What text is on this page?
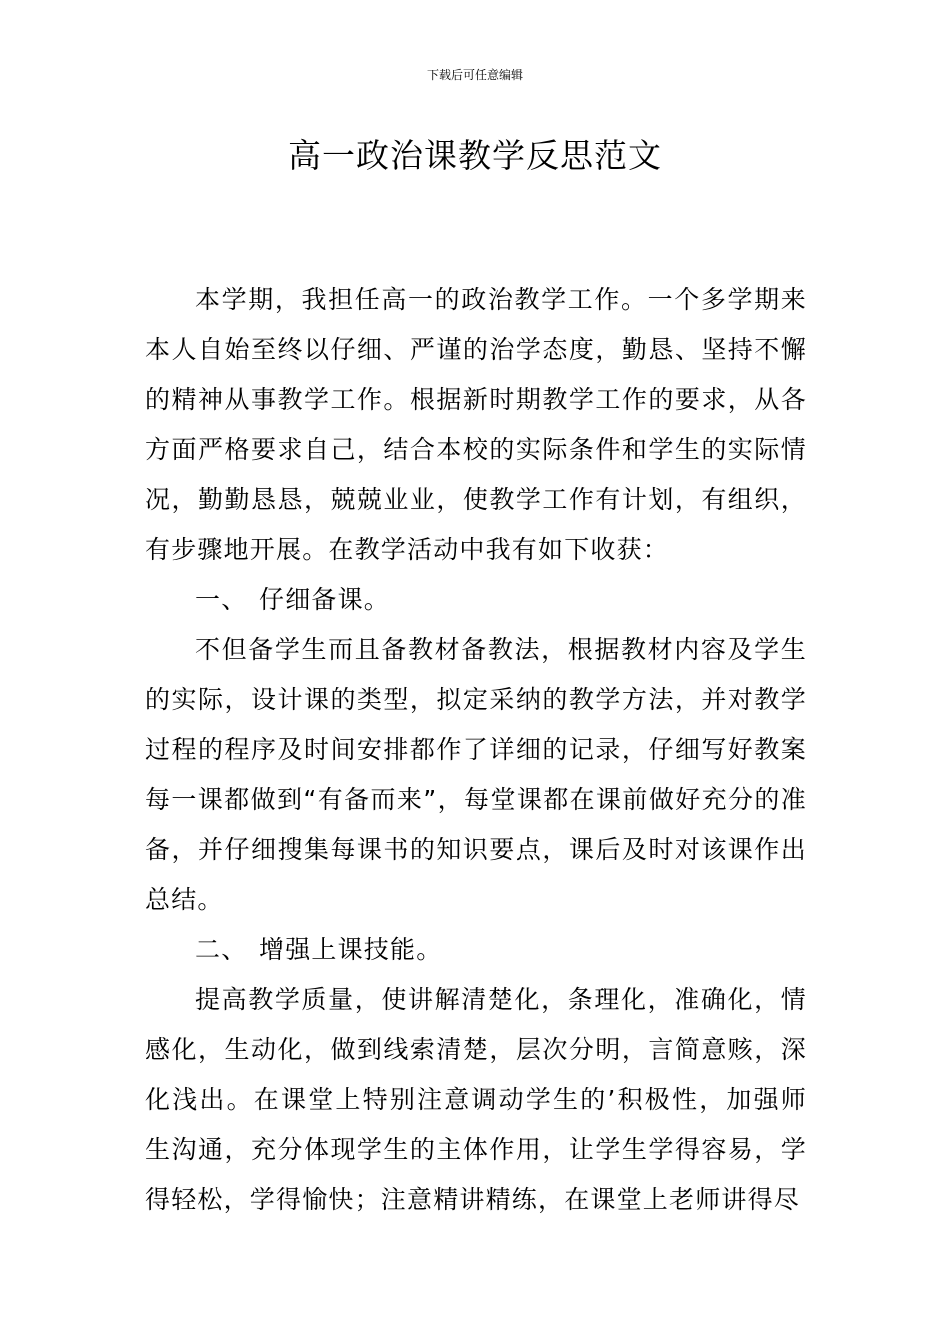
下载后可任意编辑
高一政治课教学反思范文

本学期，我担任高一的政治教学工作。一个多学期来本人自始至终以仔细、严谨的治学态度，勤恳、坚持不懈的精神从事教学工作。根据新时期教学工作的要求，从各方面严格要求自己，结合本校的实际条件和学生的实际情况，勤勤恳恳，兢兢业业，使教学工作有计划，有组织，有步骤地开展。在教学活动中我有如下收获：

一、 仔细备课。

不但备学生而且备教材备教法，根据教材内容及学生的实际，设计课的类型，拟定采纳的教学方法，并对教学过程的程序及时间安排都作了详细的记录，仔细写好教案每一课都做到“有备而来”，每堂课都在课前做好充分的准备，并仔细搜集每课书的知识要点，课后及时对该课作出总结。

二、 增强上课技能。

提高教学质量，使讲解清楚化，条理化，准确化，情感化，生动化，做到线索清楚，层次分明，言简意赅，深化浅出。在课堂上特别注意调动学生的’积极性，加强师生沟通，充分体现学生的主体作用，让学生学得容易，学得轻松，学得愉快；注意精讲精练，在课堂上老师讲得尽
